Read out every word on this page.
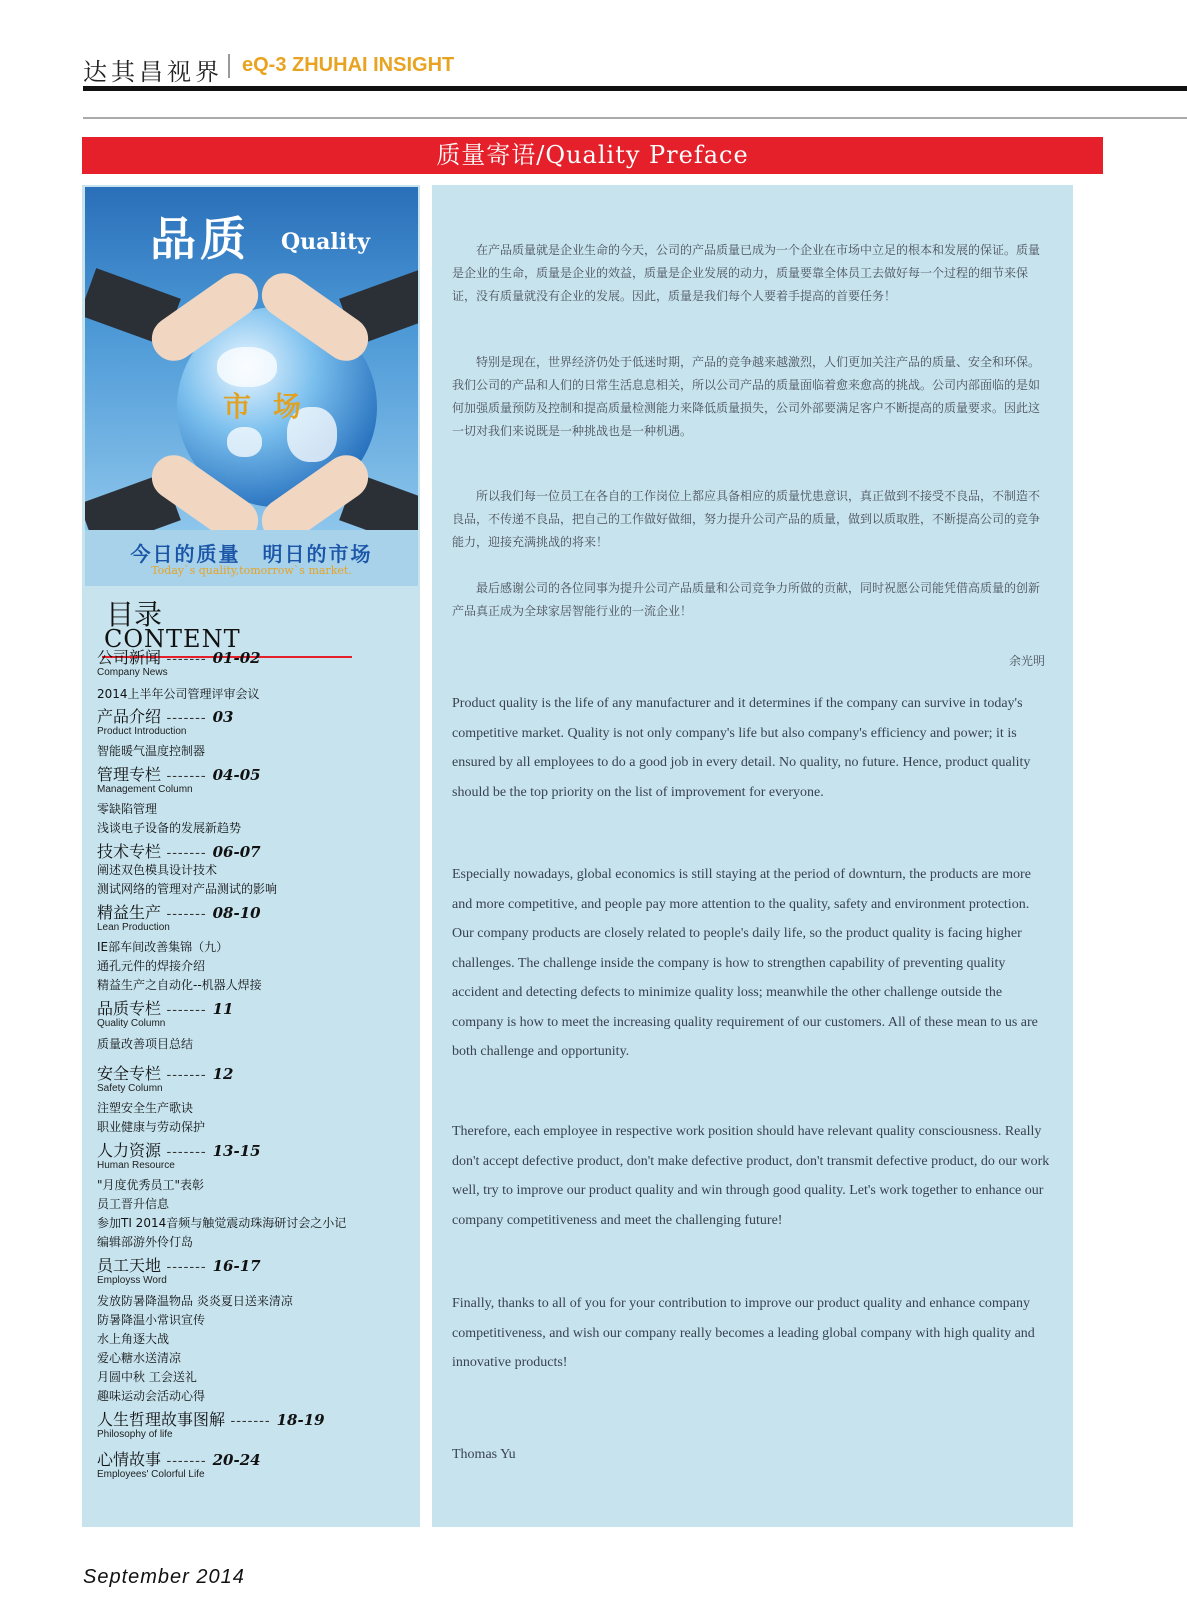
达其昌视界 eQ-3 ZHUHAI INSIGHT
质量寄语/Quality Preface
品质 Quality
市场
今日的质量　明日的市场
Today`s quality,tomorrow`s market.
目录
CONTENT
公司新闻 ------- 01-02
Company News
2014上半年公司管理评审会议
产品介绍 ------- 03
Product Introduction
智能暖气温度控制器
管理专栏 ------- 04-05
Management Column
零缺陷管理
浅谈电子设备的发展新趋势
技术专栏 ------- 06-07
阐述双色模具设计技术
测试网络的管理对产品测试的影响
精益生产 ------- 08-10
Lean Production
IE部车间改善集锦（九）
通孔元件的焊接介绍
精益生产之自动化--机器人焊接
品质专栏 ------- 11
Quality Column
质量改善项目总结
安全专栏 ------- 12
Safety Column
注塑安全生产歌诀
职业健康与劳动保护
人力资源 ------- 13-15
Human Resource
"月度优秀员工"表彰
员工晋升信息
参加TI 2014音频与触觉震动珠海研讨会之小记
编辑部游外伶仃岛
员工天地 ------- 16-17
Employss Word
发放防暑降温物品 炎炎夏日送来清凉
防暑降温小常识宣传
水上角逐大战
爱心糖水送清凉
月圆中秋 工会送礼
趣味运动会活动心得
人生哲理故事图解 ------- 18-19
Philosophy of life
心情故事 ------- 20-24
Employees' Colorful Life

在产品质量就是企业生命的今天，公司的产品质量已成为一个企业在市场中立足的根本和发展的保证。质量是企业的生命，质量是企业的效益，质量是企业发展的动力，质量要靠全体员工去做好每一个过程的细节来保证，没有质量就没有企业的发展。因此，质量是我们每个人要着手提高的首要任务！

特别是现在，世界经济仍处于低迷时期，产品的竞争越来越激烈，人们更加关注产品的质量、安全和环保。我们公司的产品和人们的日常生活息息相关，所以公司产品的质量面临着愈来愈高的挑战。公司内部面临的是如何加强质量预防及控制和提高质量检测能力来降低质量损失，公司外部要满足客户不断提高的质量要求。因此这一切对我们来说既是一种挑战也是一种机遇。

所以我们每一位员工在各自的工作岗位上都应具备相应的质量忧患意识，真正做到不接受不良品，不制造不良品，不传递不良品，把自己的工作做好做细，努力提升公司产品的质量，做到以质取胜，不断提高公司的竞争能力，迎接充满挑战的将来！

最后感谢公司的各位同事为提升公司产品质量和公司竞争力所做的贡献，同时祝愿公司能凭借高质量的创新产品真正成为全球家居智能行业的一流企业！

余光明

Product quality is the life of any manufacturer and it determines if the company can survive in today's competitive market. Quality is not only company's life but also company's efficiency and power; it is ensured by all employees to do a good job in every detail. No quality, no future. Hence, product quality should be the top priority on the list of improvement for everyone.

Especially nowadays, global economics is still staying at the period of downturn, the products are more and more competitive, and people pay more attention to the quality, safety and environment protection. Our company products are closely related to people's daily life, so the product quality is facing higher challenges. The challenge inside the company is how to strengthen capability of preventing quality accident and detecting defects to minimize quality loss; meanwhile the other challenge outside the company is how to meet the increasing quality requirement of our customers. All of these mean to us are both challenge and opportunity.

Therefore, each employee in respective work position should have relevant quality consciousness. Really don't accept defective product, don't make defective product, don't transmit defective product, do our work well, try to improve our product quality and win through good quality. Let's work together to enhance our company competitiveness and meet the challenging future!

Finally, thanks to all of you for your contribution to improve our product quality and enhance company competitiveness, and wish our company really becomes a leading global company with high quality and innovative products!

Thomas Yu
September 2014
